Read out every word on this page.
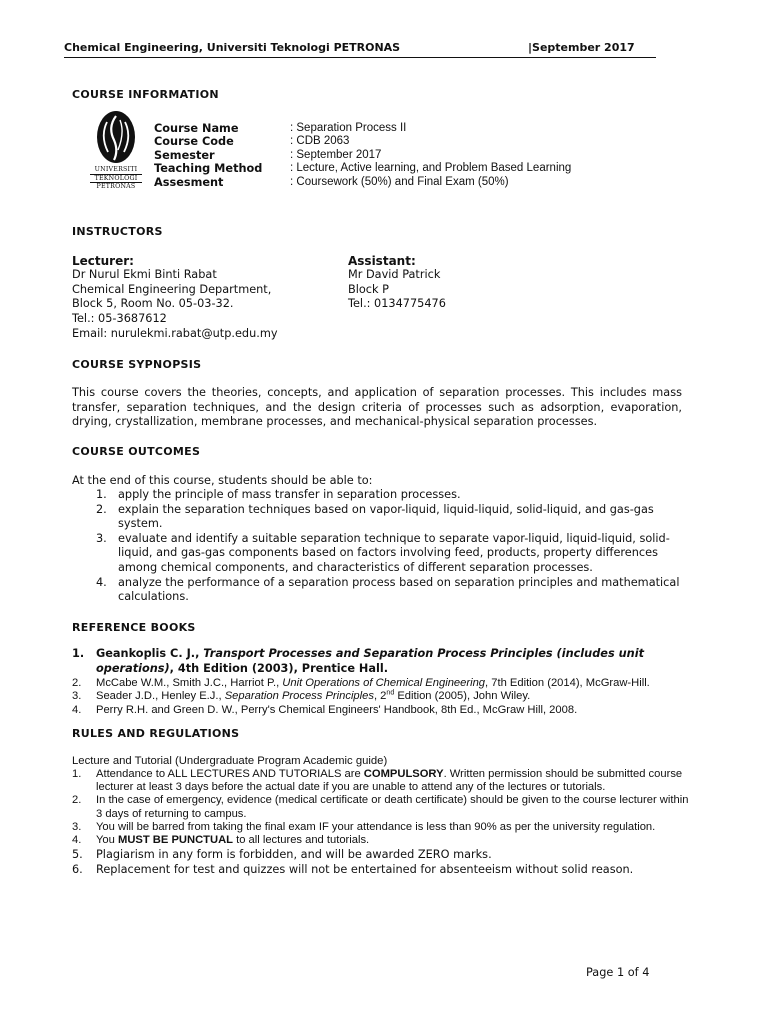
Chemical Engineering, Universiti Teknologi PETRONAS	|September 2017
COURSE INFORMATION
UNIVERSITI
TEKNOLOGI
PETRONAS
Course Name	: Separation Process II
Course Code	: CDB 2063
Semester	: September 2017
Teaching Method : Lecture, Active learning, and Problem Based Learning
Assesment	: Coursework (50%) and Final Exam (50%)
INSTRUCTORS
Lecturer:
Dr Nurul Ekmi Binti Rabat
Chemical Engineering Department,
Block 5, Room No. 05-03-32.
Tel.: 05-3687612
Email: nurulekmi.rabat@utp.edu.my
Assistant:
Mr David Patrick
Block P
Tel.: 0134775476
COURSE SYPNOPSIS
This course covers the theories, concepts, and application of separation processes. This includes mass transfer, separation techniques, and the design criteria of processes such as adsorption, evaporation, drying, crystallization, membrane processes, and mechanical-physical separation processes.
COURSE OUTCOMES
At the end of this course, students should be able to:
1. apply the principle of mass transfer in separation processes.
2. explain the separation techniques based on vapor-liquid, liquid-liquid, solid-liquid, and gas-gas system.
3. evaluate and identify a suitable separation technique to separate vapor-liquid, liquid-liquid, solid-liquid, and gas-gas components based on factors involving feed, products, property differences among chemical components, and characteristics of different separation processes.
4. analyze the performance of a separation process based on separation principles and mathematical calculations.
REFERENCE BOOKS
1. Geankoplis C. J., Transport Processes and Separation Process Principles (includes unit operations), 4th Edition (2003), Prentice Hall.
2. McCabe W.M., Smith J.C., Harriot P., Unit Operations of Chemical Engineering, 7th Edition (2014), McGraw-Hill.
3. Seader J.D., Henley E.J., Separation Process Principles, 2nd Edition (2005), John Wiley.
4. Perry R.H. and Green D. W., Perry's Chemical Engineers' Handbook, 8th Ed., McGraw Hill, 2008.
RULES AND REGULATIONS
Lecture and Tutorial (Undergraduate Program Academic guide)
1. Attendance to ALL LECTURES AND TUTORIALS are COMPULSORY. Written permission should be submitted course lecturer at least 3 days before the actual date if you are unable to attend any of the lectures or tutorials.
2. In the case of emergency, evidence (medical certificate or death certificate) should be given to the course lecturer within 3 days of returning to campus.
3. You will be barred from taking the final exam IF your attendance is less than 90% as per the university regulation.
4. You MUST BE PUNCTUAL to all lectures and tutorials.
5. Plagiarism in any form is forbidden, and will be awarded ZERO marks.
6. Replacement for test and quizzes will not be entertained for absenteeism without solid reason.
Page 1 of 4
